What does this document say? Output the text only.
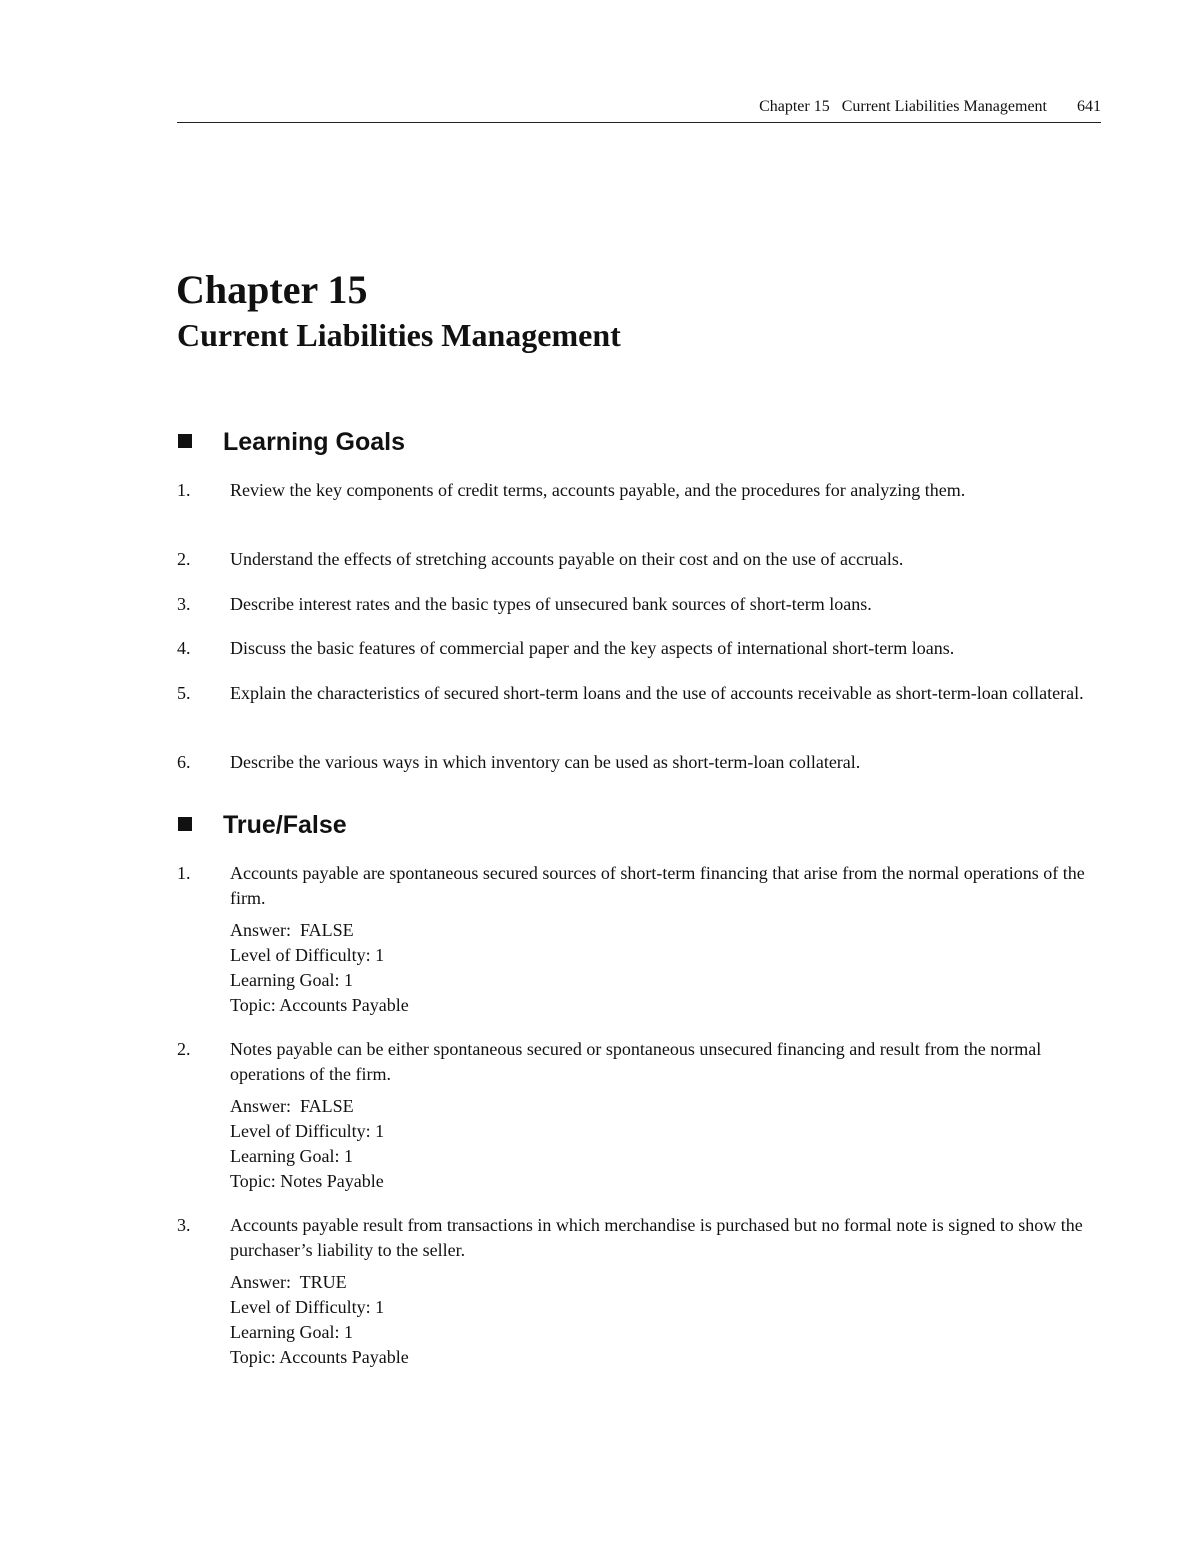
Chapter 15   Current Liabilities Management 641
Chapter 15
Current Liabilities Management
Learning Goals
1. Review the key components of credit terms, accounts payable, and the procedures for analyzing them.
2. Understand the effects of stretching accounts payable on their cost and on the use of accruals.
3. Describe interest rates and the basic types of unsecured bank sources of short-term loans.
4. Discuss the basic features of commercial paper and the key aspects of international short-term loans.
5. Explain the characteristics of secured short-term loans and the use of accounts receivable as short-term-loan collateral.
6. Describe the various ways in which inventory can be used as short-term-loan collateral.
True/False
1. Accounts payable are spontaneous secured sources of short-term financing that arise from the normal operations of the firm.
Answer:  FALSE
Level of Difficulty: 1
Learning Goal: 1
Topic: Accounts Payable
2. Notes payable can be either spontaneous secured or spontaneous unsecured financing and result from the normal operations of the firm.
Answer:  FALSE
Level of Difficulty: 1
Learning Goal: 1
Topic: Notes Payable
3. Accounts payable result from transactions in which merchandise is purchased but no formal note is signed to show the purchaser’s liability to the seller.
Answer:  TRUE
Level of Difficulty: 1
Learning Goal: 1
Topic: Accounts Payable
